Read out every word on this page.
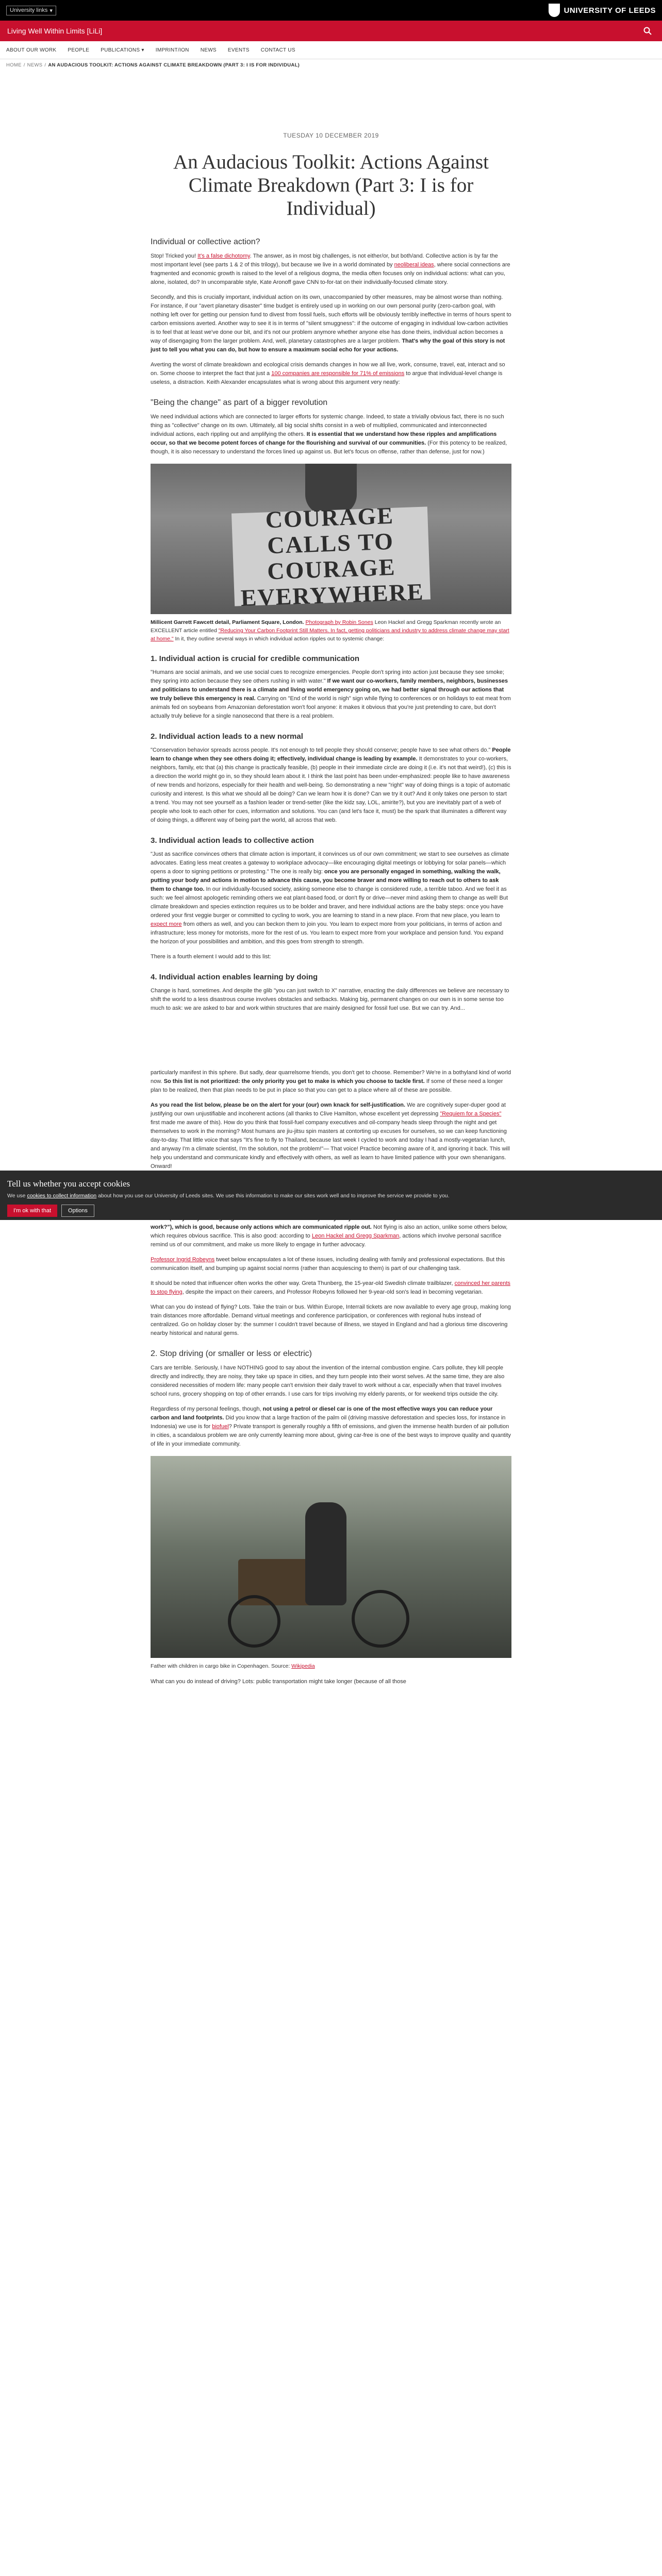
University links ▾	UNIVERSITY OF LEEDS
Living Well Within Limits [LiLi]
ABOUT OUR WORK PEOPLE PUBLICATIONS ▾ IMPRINT/ION NEWS EVENTS CONTACT US
HOME / NEWS / AN AUDACIOUS TOOLKIT: ACTIONS AGAINST CLIMATE BREAKDOWN (PART 3: I IS FOR INDIVIDUAL)
TUESDAY 10 DECEMBER 2019
An Audacious Toolkit: Actions Against Climate Breakdown (Part 3: I is for Individual)
Individual or collective action?

Stop! Tricked you! It's a false dichotomy. The answer, as in most big challenges, is not either/or, but both/and. Collective action is by far the most important level (see parts 1 & 2 of this trilogy), but because we live in a world dominated by neoliberal ideas, where social connections are fragmented and economic growth is raised to the level of a religious dogma, the media often focuses only on individual actions: what can you, alone, isolated, do? In uncomparable style, Kate Aronoff gave CNN to-for-tat on their individually-focused climate story.

Secondly, and this is crucially important, individual action on its own, unaccompanied by other measures, may be almost worse than nothing. For instance, if our "avert planetary disaster" time budget is entirely used up in working on our own personal purity (zero-carbon goal, with nothing left over for getting our pension fund to divest from fossil fuels, such efforts will be obviously terribly ineffective in terms of hours spent to carbon emissions averted. Another way to see it is in terms of "silent smuggness": if the outcome of engaging in individual low-carbon activities is to feel that at least we've done our bit, and it's not our problem anymore whether anyone else has done theirs, individual action becomes a way of disengaging from the larger problem. And, well, planetary catastrophes are a larger problem. That's why the goal of this story is not just to tell you what you can do, but how to ensure a maximum social echo for your actions.

Averting the worst of climate breakdown and ecological crisis demands changes in how we all live, work, consume, travel, eat, interact and so on. Some choose to interpret the fact that just a 100 companies are responsible for 71% of emissions to argue that individual-level change is useless, a distraction. Keith Alexander encapsulates what is wrong about this argument very neatly:

"Being the change" as part of a bigger revolution

We need individual actions which are connected to larger efforts for systemic change. Indeed, to state a trivially obvious fact, there is no such thing as "collective" change on its own. Ultimately, all big social shifts consist in a web of multiplied, communicated and interconnected individual actions, each rippling out and amplifying the others. It is essential that we understand how these ripples and amplifications occur, so that we become potent forces of change for the flourishing and survival of our communities. (For this potency to be realized, though, it is also necessary to understand the forces lined up against us. But let's focus on offense, rather than defense, just for now.)

COURAGE CALLS TO COURAGE EVERYWHERE

Millicent Garrett Fawcett detail, Parliament Square, London. Photograph by Robin Sones Leon Hackel and Gregg Sparkman recently wrote an EXCELLENT article entitled "Reducing Your Carbon Footprint Still Matters. In fact, getting politicians and industry to address climate change may start at home." In it, they outline several ways in which individual action ripples out to systemic change:

1. Individual action is crucial for credible communication

"Humans are social animals, and we use social cues to recognize emergencies. People don't spring into action just because they see smoke; they spring into action because they see others rushing in with water." If we want our co-workers, family members, neighbors, businesses and politicians to understand there is a climate and living world emergency going on, we had better signal through our actions that we truly believe this emergency is real. Carrying on "End of the world is nigh" sign while flying to conferences or on holidays to eat meat from animals fed on soybeans from Amazonian deforestation won't fool anyone: it makes it obvious that you're just pretending to care, but don't actually truly believe for a single nanosecond that there is a real problem.

2. Individual action leads to a new normal

"Conservation behavior spreads across people. It's not enough to tell people they should conserve; people have to see what others do." People learn to change when they see others doing it; effectively, individual change is leading by example. It demonstrates to your co-workers, neighbors, family, etc that (a) this change is practically feasible, (b) people in their immediate circle are doing it (i.e. it's not that weird!), (c) this is a direction the world might go in, so they should learn about it. I think the last point has been under-emphasized: people like to have awareness of new trends and horizons, especially for their health and well-being. So demonstrating a new "right" way of doing things is a topic of automatic curiosity and interest. Is this what we should all be doing? Can we learn how it is done? Can we try it out? And it only takes one person to start a trend. You may not see yourself as a fashion leader or trend-setter (like the kidz say, LOL, amirite?), but you are inevitably part of a web of people who look to each other for cues, information and solutions. You can (and let's face it, must) be the spark that illuminates a different way of doing things, a different way of being part the world, all across that web.

3. Individual action leads to collective action

"Just as sacrifice convinces others that climate action is important, it convinces us of our own commitment; we start to see ourselves as climate advocates. Eating less meat creates a gateway to workplace advocacy—like encouraging digital meetings or lobbying for solar panels—which opens a door to signing petitions or protesting." The one is really big: once you are personally engaged in something, walking the walk, putting your body and actions in motion to advance this cause, you become braver and more willing to reach out to others to ask them to change too. In our individually-focused society, asking someone else to change is considered rude, a terrible taboo. And we feel it as such: we feel almost apologetic reminding others we eat plant-based food, or don't fly or drive—never mind asking them to change as well! But climate breakdown and species extinction requires us to be bolder and braver, and here individual actions are the baby steps: once you have ordered your first veggie burger or committed to cycling to work, you are learning to stand in a new place. From that new place, you learn to expect more from others as well, and you can beckon them to join you. You learn to expect more from your politicians, in terms of action and infrastructure; less money for motorists, more for the rest of us. You learn to expect more from your workplace and pension fund. You expand the horizon of your possibilities and ambition, and this goes from strength to strength.

There is a fourth element I would add to this list:

4. Individual action enables learning by doing

Change is hard, sometimes. And despite the glib "you can just switch to X" narrative, enacting the daily differences we believe are necessary to shift the world to a less disastrous course involves obstacles and setbacks. Making big, permanent changes on our own is in some sense too much to ask: we are asked to bar and work within structures that are mainly designed for fossil fuel use. But we can try. And...

particularly manifest in this sphere. But sadly, dear quarrelsome friends, you don't get to choose. Remember? We're in a bothyland kind of world now. So this list is not prioritized: the only priority you get to make is which you choose to tackle first. If some of these need a longer plan to be realized, then that plan needs to be put in place so that you can get to a place where all of these are possible.

As you read the list below, please be on the alert for your (our) own knack for self-justification. We are cognitively super-duper good at justifying our own unjustifiable and incoherent actions (all thanks to Clive Hamilton, whose excellent yet depressing "Requiem for a Species" first made me aware of this). How do you think that fossil-fuel company executives and oil-company heads sleep through the night and get themselves to work in the morning? Most humans are jiu-jitsu spin masters at contorting up excuses for ourselves, so we can keep functioning day-to-day. That little voice that says "It's fine to fly to Thailand, because last week I cycled to work and today I had a mostly-vegetarian lunch, and anyway I'm a climate scientist, I'm the solution, not the problem!"— That voice! Practice becoming aware of it, and ignoring it back. This will help you understand and communicate kindly and effectively with others, as well as learn to have limited patience with your own shenanigans. Onward!

work?"), which is good, because only actions which are communicated ripple out. Not flying is also an action, unlike some others below, which requires obvious sacrifice. This is also good: according to Leon Hackel and Gregg Sparkman, actions which involve personal sacrifice remind us of our commitment, and make us more likely to engage in further advocacy.

Professor Ingrid Robeyns tweet below encapsulates a lot of these issues, including dealing with family and professional expectations. But this communication itself, and bumping up against social norms (rather than acquiescing to them) is part of our challenging task.

It should be noted that influencer often works the other way. Greta Thunberg, the 15-year-old Swedish climate trailblazer, convinced her parents to stop flying, despite the impact on their careers, and Professor Robeyns followed her 9-year-old son's lead in becoming vegetarian.

What can you do instead of flying? Lots. Take the train or bus. Within Europe, Interrail tickets are now available to every age group, making long train distances more affordable. Demand virtual meetings and conference participation, or conferences with regional hubs instead of centralized. Go on holiday closer by: the summer I couldn't travel because of illness, we stayed in England and had a glorious time discovering nearby historical and natural gems.

2. Stop driving (or smaller or less or electric)

Cars are terrible. Seriously, I have NOTHING good to say about the invention of the internal combustion engine. Cars pollute, they kill people directly and indirectly, they are noisy, they take up space in cities, and they turn people into their worst selves. At the same time, they are also considered necessities of modern life: many people can't envision their daily travel to work without a car, especially when that travel involves school runs, grocery shopping on top of other errands. I use cars for trips involving my elderly parents, or for weekend trips outside the city.

Regardless of my personal feelings, though, not using a petrol or diesel car is one of the most effective ways you can reduce your carbon and land footprints. Did you know that a large fraction of the palm oil (driving massive deforestation and species loss, for instance in Indonesia) we use is for biofuel? Private transport is generally roughly a fifth of emissions, and given the immense health burden of air pollution in cities, a scandalous problem we are only currently learning more about, giving car-free is one of the best ways to improve quality and quantity of life in your immediate community.

Father with children in cargo bike in Copenhagen. Source: Wikipedia

What can you do instead of driving? Lots: public transportation might take longer (because of all those

Tell us whether you accept cookies

We use cookies to collect information about how you use our University of Leeds sites. We use this information to make our sites work well and to improve the service we provide to you.

I'm ok with that	Options
